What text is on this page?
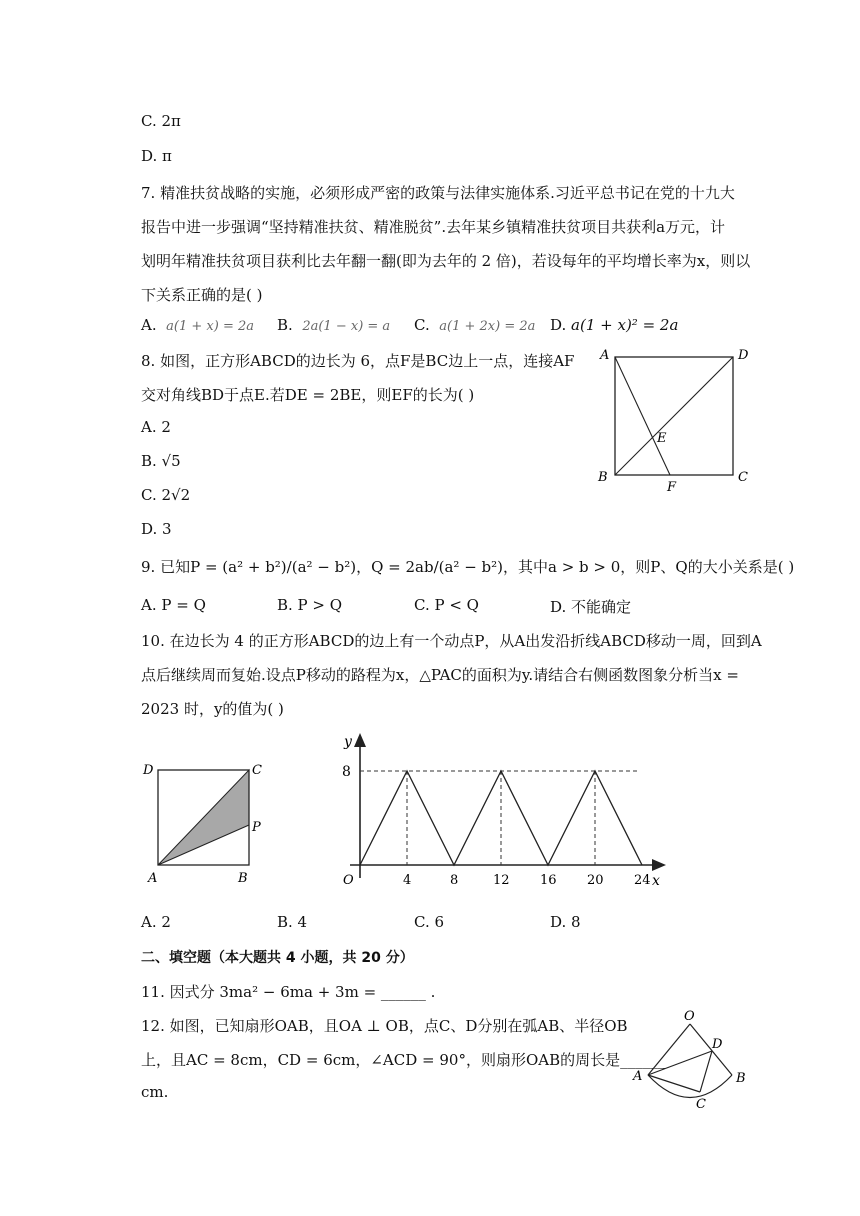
C. 2π
D. π
7. 精准扶贫战略的实施，必须形成严密的政策与法律实施体系.习近平总书记在党的十九大
报告中进一步强调“坚持精准扶贫、精准脱贫”.去年某乡镇精准扶贫项目共获利a万元，计
划明年精准扶贫项目获利比去年翻一翻(即为去年的 2 倍)，若设每年的平均增长率为x，则以
下关系正确的是( )
A. a(1 + x) = 2a B. 2a(1 − x) = a C. a(1 + 2x) = 2a D. a(1 + x)² = 2a
8. 如图，正方形ABCD的边长为 6，点F是BC边上一点，连接AF
交对角线BD于点E.若DE = 2BE，则EF的长为( )
A. 2
B. √5
C. 2√2
D. 3
A	D
B	C
E
F
9. 已知P = (a² + b²)/(a² − b²)，Q = 2ab/(a² − b²)，其中a > b > 0，则P、Q的大小关系是( )
A. P = Q	B. P > Q	C. P < Q	D. 不能确定
10. 在边长为 4 的正方形ABCD的边上有一个动点P，从A出发沿折线ABCD移动一周，回到A
点后继续周而复始.设点P移动的路程为x，△PAC的面积为y.请结合右侧函数图象分析当x =
2023 时，y的值为( )
D	C
P
A	B
y
8
O	4	8	12 16 20 24 x
A. 2	B. 4	C. 6	D. 8
二、填空题（本大题共 4 小题，共 20 分）
11. 因式分 3ma² − 6ma + 3m = ______ .
12. 如图，已知扇形OAB，且OA ⊥ OB，点C、D分别在弧AB、半径OB
上，且AC = 8cm，CD = 6cm，∠ACD = 90°，则扇形OAB的周长是______
cm.
O
D
A	B
C
